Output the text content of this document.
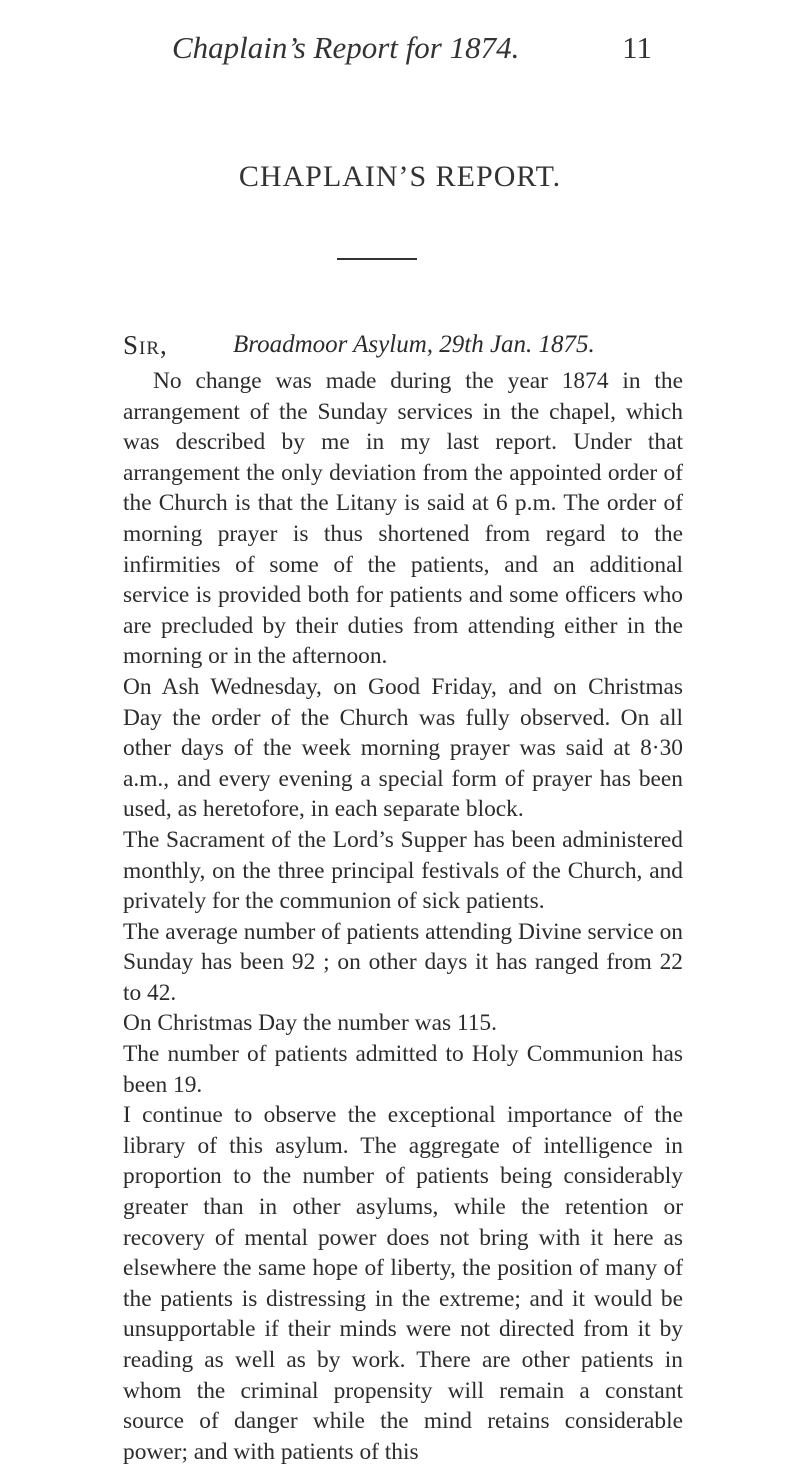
Chaplain’s Report for 1874.	11
CHAPLAIN’S REPORT.
Sir,	Broadmoor Asylum, 29th Jan. 1875.

No change was made during the year 1874 in the arrangement of the Sunday services in the chapel, which was described by me in my last report. Under that arrangement the only deviation from the appointed order of the Church is that the Litany is said at 6 p.m. The order of morning prayer is thus shortened from regard to the infirmities of some of the patients, and an additional service is provided both for patients and some officers who are precluded by their duties from attending either in the morning or in the afternoon.

On Ash Wednesday, on Good Friday, and on Christmas Day the order of the Church was fully observed. On all other days of the week morning prayer was said at 8·30 a.m., and every evening a special form of prayer has been used, as heretofore, in each separate block.

The Sacrament of the Lord’s Supper has been administered monthly, on the three principal festivals of the Church, and privately for the communion of sick patients.

The average number of patients attending Divine service on Sunday has been 92 ; on other days it has ranged from 22 to 42.

On Christmas Day the number was 115.

The number of patients admitted to Holy Communion has been 19.

I continue to observe the exceptional importance of the library of this asylum. The aggregate of intelligence in proportion to the number of patients being considerably greater than in other asylums, while the retention or recovery of mental power does not bring with it here as elsewhere the same hope of liberty, the position of many of the patients is distressing in the extreme; and it would be unsupportable if their minds were not directed from it by reading as well as by work. There are other patients in whom the criminal propensity will remain a constant source of danger while the mind retains considerable power; and with patients of this
